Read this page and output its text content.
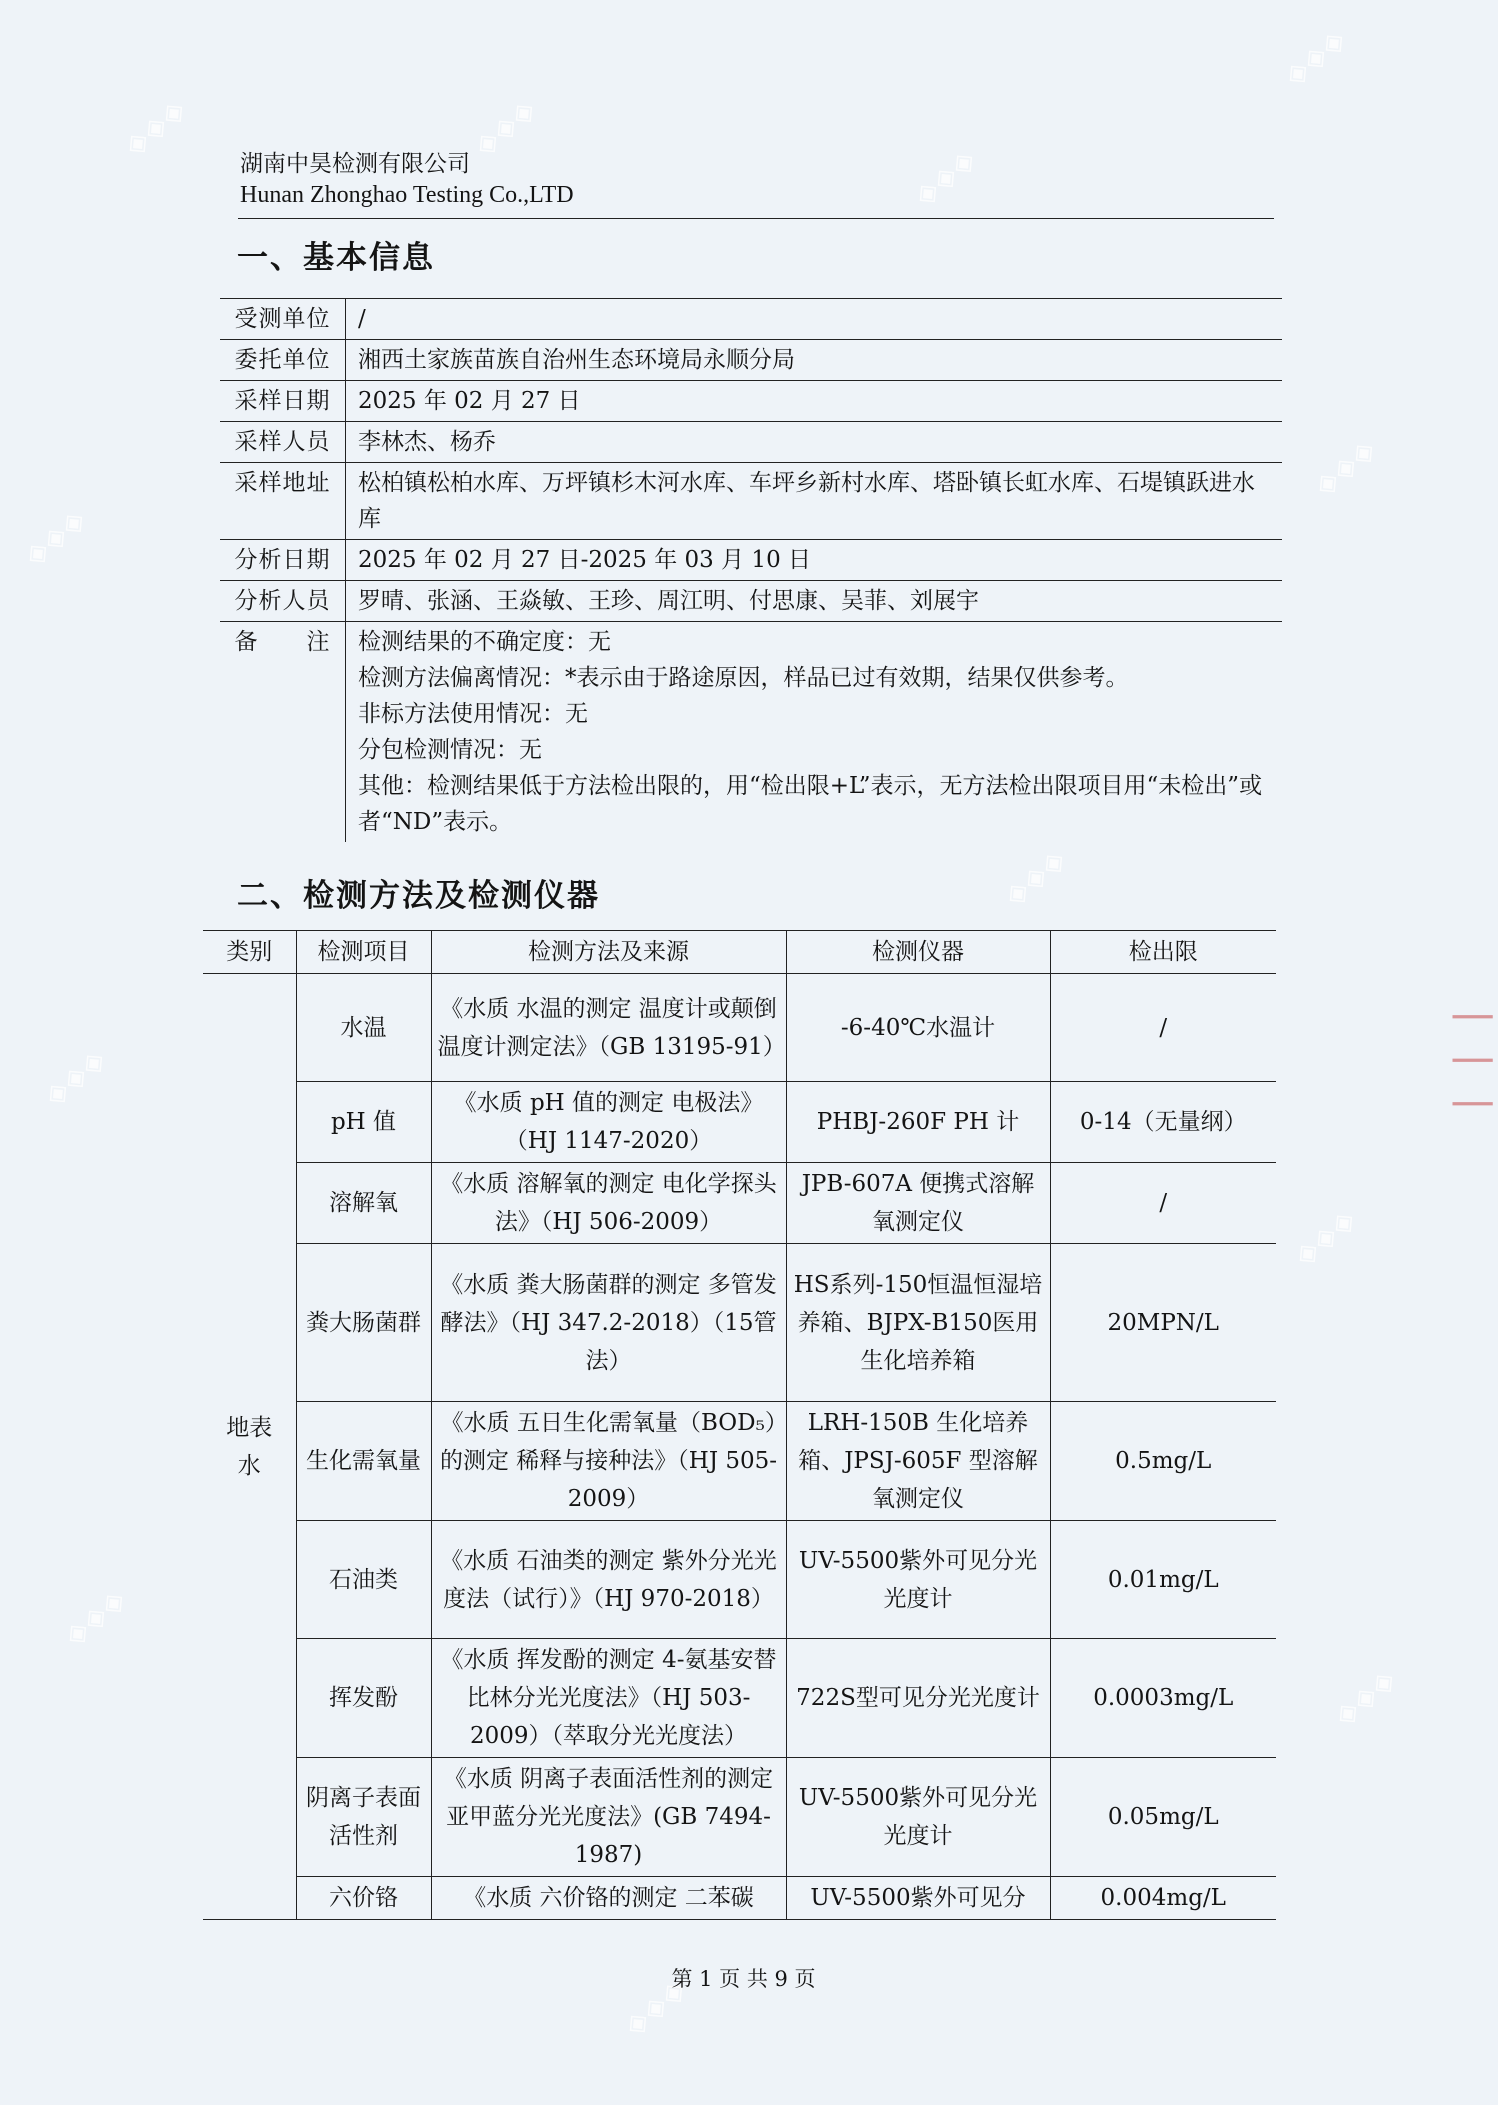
◈◈◈	◈◈◈
◈◈◈
◈◈◈
◈◈◈
◈◈◈
◈◈◈
◈◈◈
◈◈◈
◈◈◈
◈◈◈
◈◈◈
|||
湖南中昊检测有限公司
Hunan Zhonghao Testing Co.,LTD
一、基本信息
受测单位	/
委托单位	湘西土家族苗族自治州生态环境局永顺分局
采样日期	2025 年 02 月 27 日
采样人员	李林杰、杨乔
采样地址	松柏镇松柏水库、万坪镇杉木河水库、车坪乡新村水库、塔卧镇长虹水库、石堤镇跃进水库
分析日期	2025 年 02 月 27 日-2025 年 03 月 10 日
分析人员	罗晴、张涵、王焱敏、王珍、周江明、付思康、吴菲、刘展宇
备　　注	检测结果的不确定度：无
检测方法偏离情况：*表示由于路途原因，样品已过有效期，结果仅供参考。
非标方法使用情况：无
分包检测情况：无
其他：检测结果低于方法检出限的，用“检出限+L”表示，无方法检出限项目用“未检出”或者“ND”表示。
二、检测方法及检测仪器
类别	检测项目	检测方法及来源	检测仪器	检出限
地表水	水温	《水质 水温的测定 温度计或颠倒温度计测定法》（GB 13195-91）	-6-40℃水温计	/
	pH 值	《水质 pH 值的测定 电极法》（HJ 1147-2020）	PHBJ-260F PH 计	0-14（无量纲）
	溶解氧	《水质 溶解氧的测定 电化学探头法》（HJ 506-2009）	JPB-607A 便携式溶解氧测定仪	/
	粪大肠菌群	《水质 粪大肠菌群的测定 多管发酵法》（HJ 347.2-2018）（15管法）	HS系列-150恒温恒湿培养箱、BJPX-B150医用生化培养箱	20MPN/L
	生化需氧量	《水质 五日生化需氧量（BOD₅）的测定 稀释与接种法》（HJ 505-2009）	LRH-150B 生化培养箱、JPSJ-605F 型溶解氧测定仪	0.5mg/L
	石油类	《水质 石油类的测定 紫外分光光度法（试行）》（HJ 970-2018）	UV-5500紫外可见分光光度计	0.01mg/L
	挥发酚	《水质 挥发酚的测定 4-氨基安替比林分光光度法》（HJ 503-2009）（萃取分光光度法）	722S型可见分光光度计	0.0003mg/L
	阴离子表面活性剂	《水质 阴离子表面活性剂的测定 亚甲蓝分光光度法》(GB 7494-1987)	UV-5500紫外可见分光光度计	0.05mg/L
	六价铬	《水质 六价铬的测定 二苯碳	UV-5500紫外可见分	0.004mg/L
第 1 页 共 9 页
